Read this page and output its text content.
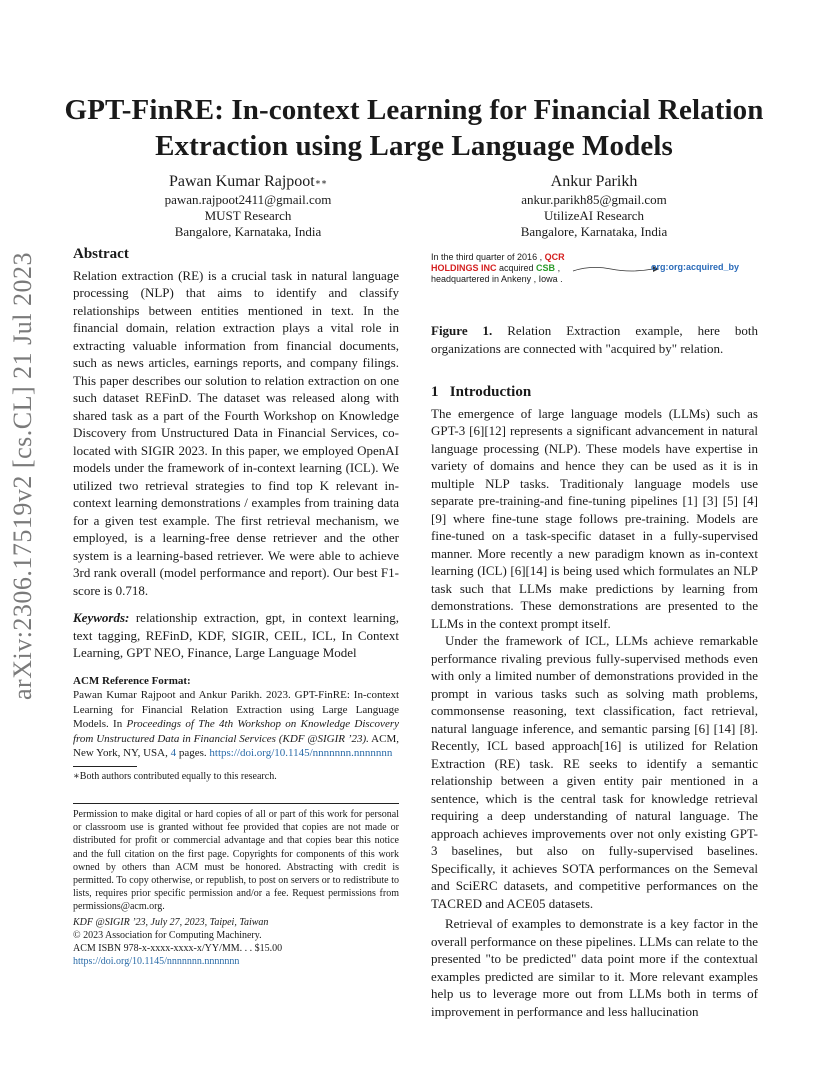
arXiv:2306.17519v2 [cs.CL] 21 Jul 2023
GPT-FinRE: In-context Learning for Financial Relation Extraction using Large Language Models
Pawan Kumar Rajpoot∗∗
pawan.rajpoot2411@gmail.com
MUST Research
Bangalore, Karnataka, India
Ankur Parikh
ankur.parikh85@gmail.com
UtilizeAI Research
Bangalore, Karnataka, India
Abstract

Relation extraction (RE) is a crucial task in natural language processing (NLP) that aims to identify and classify relationships between entities mentioned in text. In the financial domain, relation extraction plays a vital role in extracting valuable information from financial documents, such as news articles, earnings reports, and company filings. This paper describes our solution to relation extraction on one such dataset REFinD. The dataset was released along with shared task as a part of the Fourth Workshop on Knowledge Discovery from Unstructured Data in Financial Services, co-located with SIGIR 2023. In this paper, we employed OpenAI models under the framework of in-context learning (ICL). We utilized two retrieval strategies to find top K relevant in-context learning demonstrations / examples from training data for a given test example. The first retrieval mechanism, we employed, is a learning-free dense retriever and the other system is a learning-based retriever. We were able to achieve 3rd rank overall (model performance and report). Our best F1-score is 0.718.

Keywords: relationship extraction, gpt, in context learning, text tagging, REFinD, KDF, SIGIR, CEIL, ICL, In Context Learning, GPT NEO, Finance, Large Language Model

ACM Reference Format:

Pawan Kumar Rajpoot and Ankur Parikh. 2023. GPT-FinRE: In-context Learning for Financial Relation Extraction using Large Language Models. In Proceedings of The 4th Workshop on Knowledge Discovery from Unstructured Data in Financial Services (KDF @SIGIR ’23). ACM, New York, NY, USA, 4 pages. https://doi.org/10.1145/nnnnnnn.nnnnnnn

∗Both authors contributed equally to this research.

Permission to make digital or hard copies of all or part of this work for personal or classroom use is granted without fee provided that copies are not made or distributed for profit or commercial advantage and that copies bear this notice and the full citation on the first page. Copyrights for components of this work owned by others than ACM must be honored. Abstracting with credit is permitted. To copy otherwise, or republish, to post on servers or to redistribute to lists, requires prior specific permission and/or a fee. Request permissions from permissions@acm.org.

KDF @SIGIR ’23, July 27, 2023, Taipei, Taiwan

© 2023 Association for Computing Machinery.

ACM ISBN 978-x-xxxx-xxxx-x/YY/MM. . . $15.00

https://doi.org/10.1145/nnnnnnn.nnnnnnn

In the third quarter of 2016 , QCR
HOLDINGS INC acquired CSB ,
headquartered in Ankeny , Iowa .
org:org:acquired_by

Figure 1. Relation Extraction example, here both organizations are connected with "acquired by" relation.

1 Introduction

The emergence of large language models (LLMs) such as GPT-3 [6][12] represents a significant advancement in natural language processing (NLP). These models have expertise in variety of domains and hence they can be used as it is in multiple NLP tasks. Traditionaly language models use separate pre-training-and fine-tuning pipelines [1] [3] [5] [4] [9] where fine-tune stage follows pre-training. Models are fine-tuned on a task-specific dataset in a fully-supervised manner. More recently a new paradigm known as in-context learning (ICL) [6][14] is being used which formulates an NLP task such that LLMs make predictions by learning from demonstrations. These demonstrations are presented to the LLMs in the context prompt itself.

Under the framework of ICL, LLMs achieve remarkable performance rivaling previous fully-supervised methods even with only a limited number of demonstrations provided in the prompt in various tasks such as solving math problems, commonsense reasoning, text classification, fact retrieval, natural language inference, and semantic parsing [6] [14] [8]. Recently, ICL based approach[16] is utilized for Relation Extraction (RE) task. RE seeks to identify a semantic relationship between a given entity pair mentioned in a sentence, which is the central task for knowledge retrieval requiring a deep understanding of natural language. The approach achieves improvements over not only existing GPT-3 baselines, but also on fully-supervised baselines. Specifically, it achieves SOTA performances on the Semeval and SciERC datasets, and competitive performances on the TACRED and ACE05 datasets.

Retrieval of examples to demonstrate is a key factor in the overall performance on these pipelines. LLMs can relate to the presented "to be predicted" data point more if the contextual examples predicted are similar to it. More relevant examples help us to leverage more out from LLMs both in terms of improvement in performance and less hallucination
